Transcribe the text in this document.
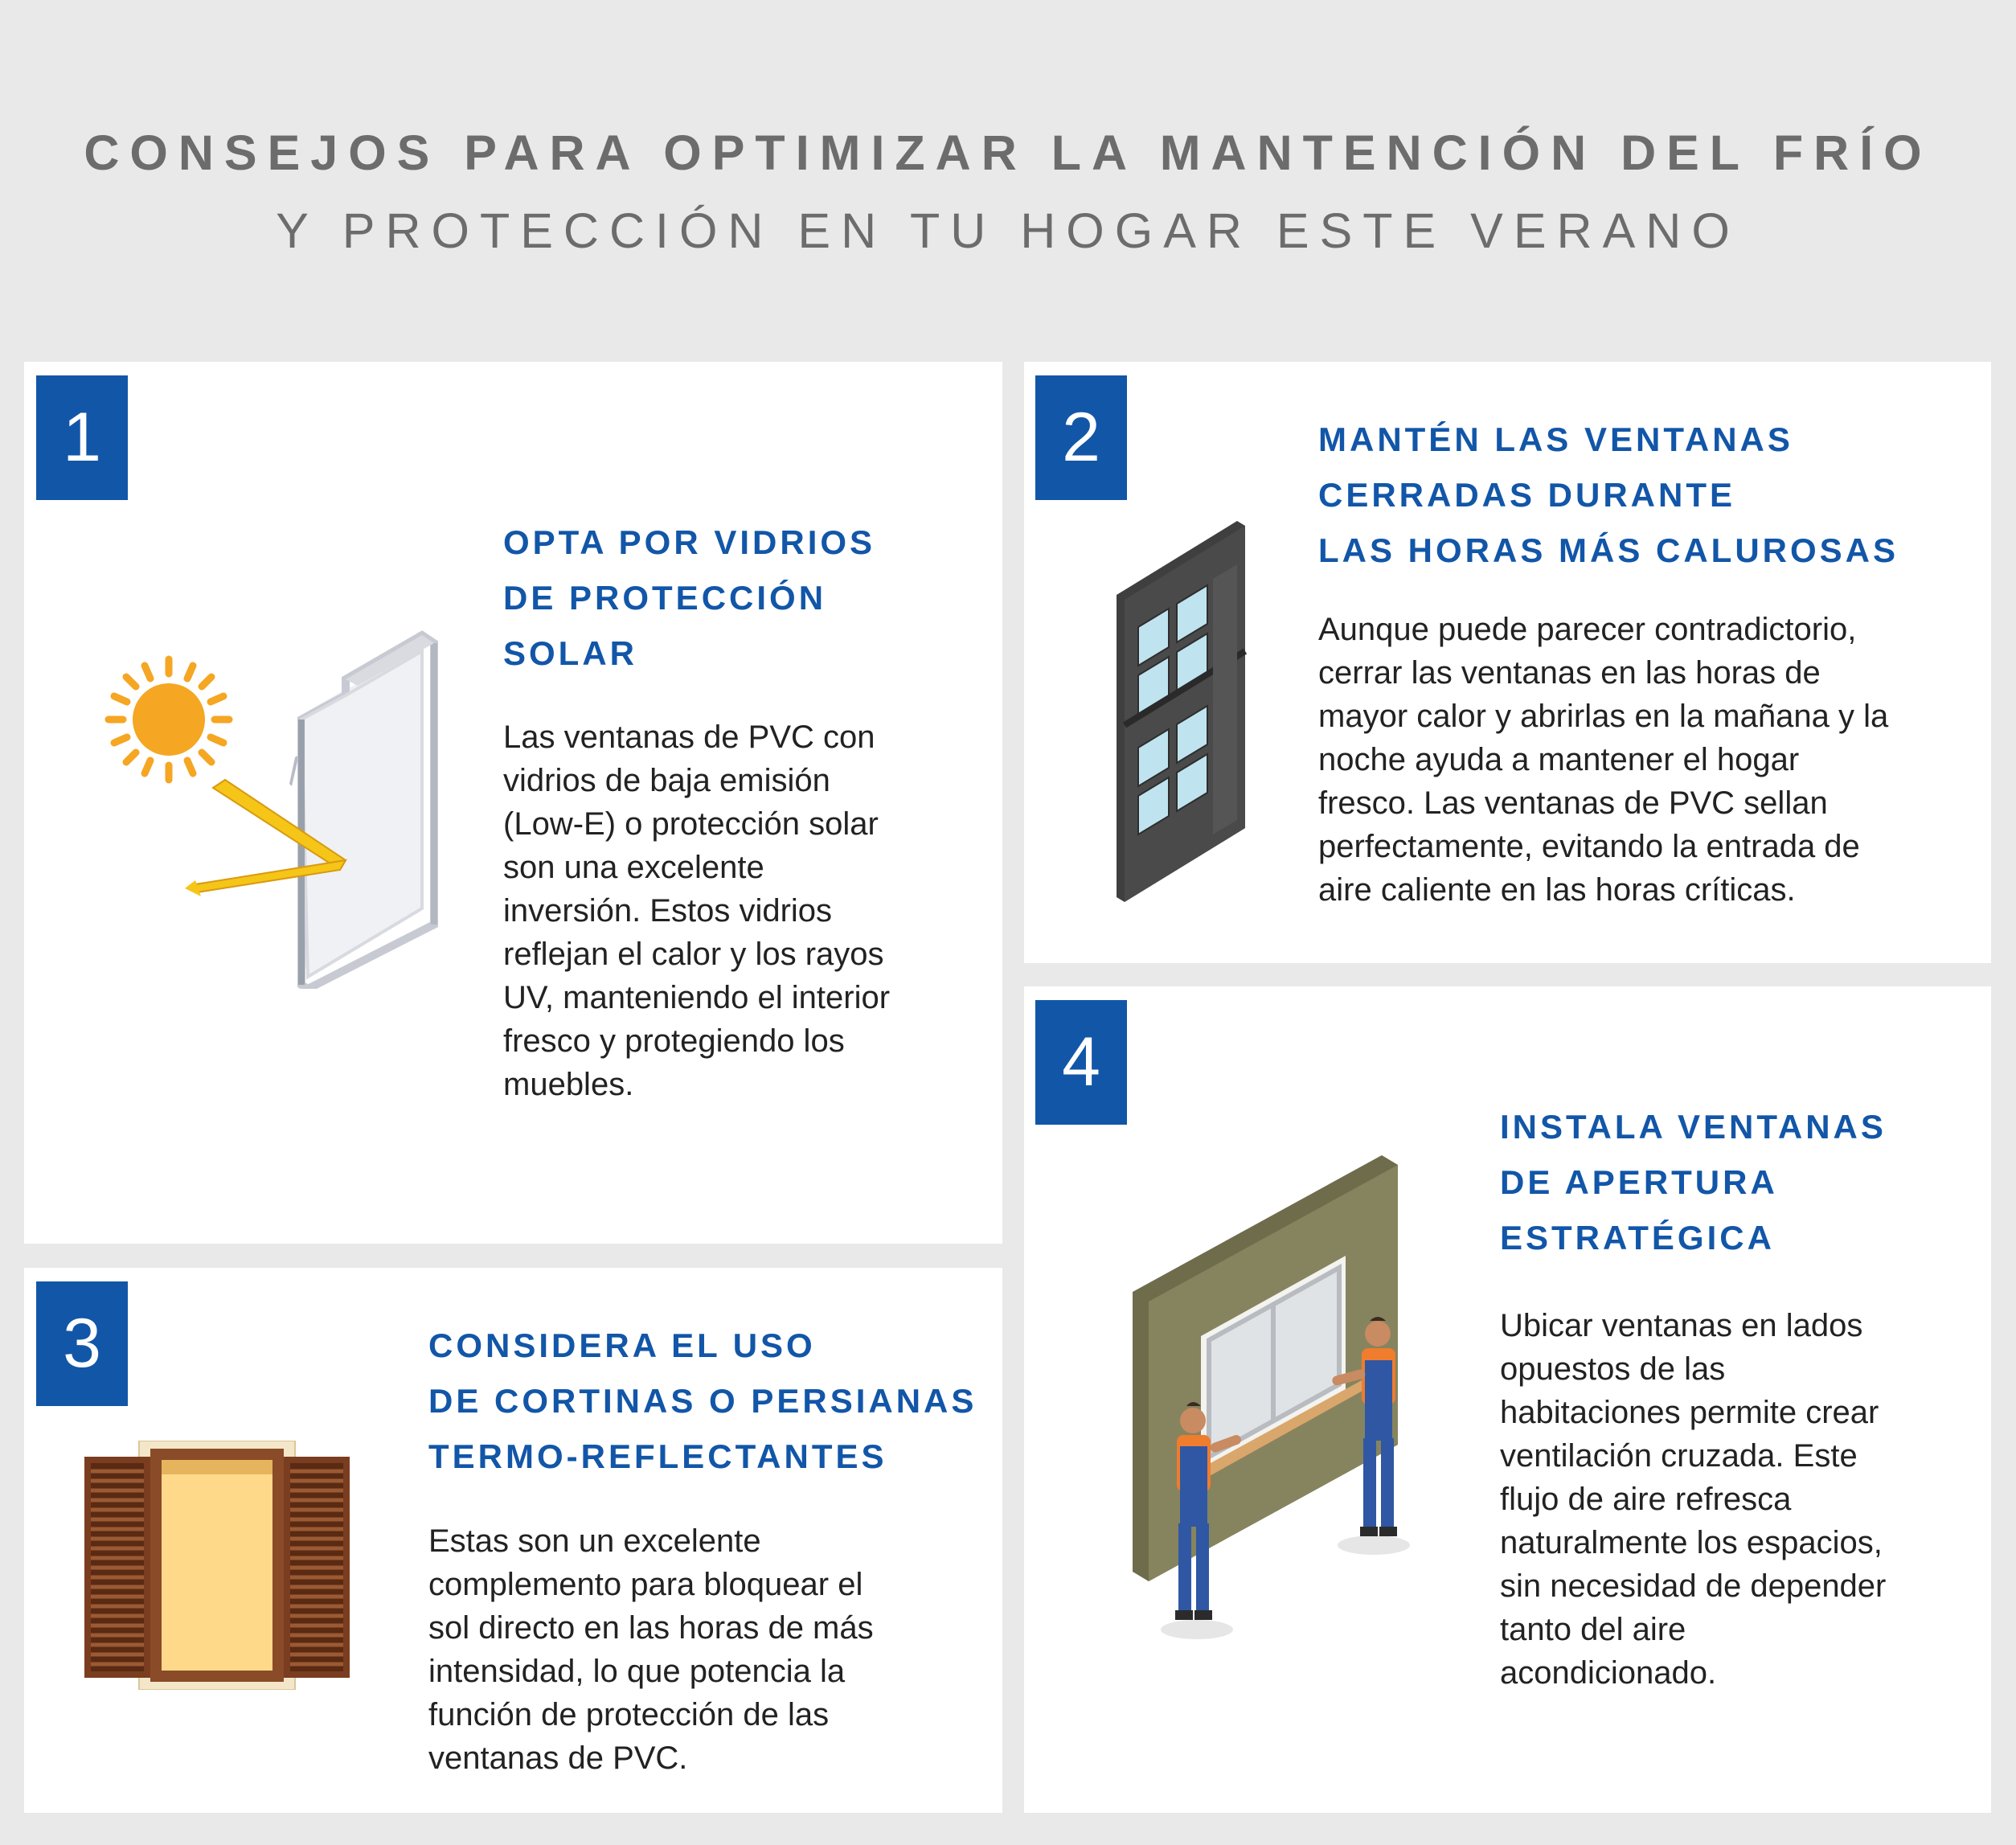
CONSEJOS PARA OPTIMIZAR LA MANTENCIÓN DEL FRÍO
Y PROTECCIÓN EN TU HOGAR ESTE VERANO
1
OPTA POR VIDRIOS
DE PROTECCIÓN
SOLAR

Las ventanas de PVC con
vidrios de baja emisión
(Low-E) o protección solar
son una excelente
inversión. Estos vidrios
reflejan el calor y los rayos
UV, manteniendo el interior
fresco y protegiendo los
muebles.

2	MANTÉN LAS VENTANAS
CERRADAS DURANTE
LAS HORAS MÁS CALUROSAS

Aunque puede parecer contradictorio,
cerrar las ventanas en las horas de
mayor calor y abrirlas en la mañana y la
noche ayuda a mantener el hogar
fresco. Las ventanas de PVC sellan
perfectamente, evitando la entrada de
aire caliente en las horas críticas.

3	CONSIDERA EL USO
DE CORTINAS O PERSIANAS
TERMO-REFLECTANTES

Estas son un excelente
complemento para bloquear el
sol directo en las horas de más
intensidad, lo que potencia la
función de protección de las
ventanas de PVC.

4
INSTALA VENTANAS
DE APERTURA
ESTRATÉGICA

Ubicar ventanas en lados
opuestos de las
habitaciones permite crear
ventilación cruzada. Este
flujo de aire refresca
naturalmente los espacios,
sin necesidad de depender
tanto del aire
acondicionado.
